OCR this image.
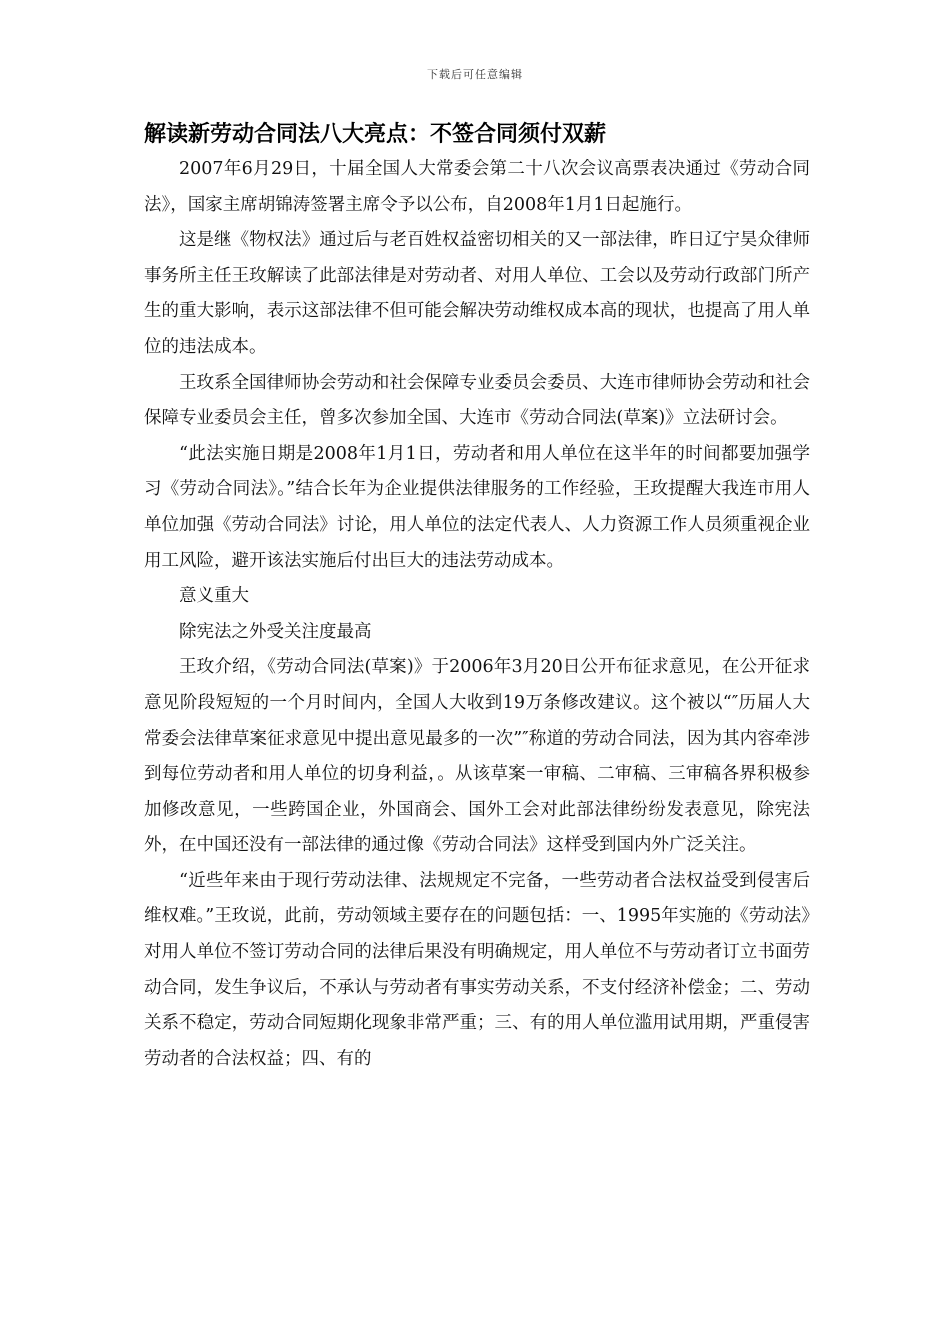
下载后可任意编辑
解读新劳动合同法八大亮点：不签合同须付双薪

2007年6月29日，十届全国人大常委会第二十八次会议高票表决通过《劳动合同法》，国家主席胡锦涛签署主席令予以公布，自2008年1月1日起施行。

这是继《物权法》通过后与老百姓权益密切相关的又一部法律，昨日辽宁昊众律师事务所主任王玫解读了此部法律是对劳动者、对用人单位、工会以及劳动行政部门所产生的重大影响，表示这部法律不但可能会解决劳动维权成本高的现状，也提高了用人单位的违法成本。

王玫系全国律师协会劳动和社会保障专业委员会委员、大连市律师协会劳动和社会保障专业委员会主任，曾多次参加全国、大连市《劳动合同法(草案)》立法研讨会。

“此法实施日期是2008年1月1日，劳动者和用人单位在这半年的时间都要加强学习《劳动合同法》。”结合长年为企业提供法律服务的工作经验，王玫提醒大我连市用人单位加强《劳动合同法》讨论，用人单位的法定代表人、人力资源工作人员须重视企业用工风险，避开该法实施后付出巨大的违法劳动成本。

意义重大

除宪法之外受关注度最高

王玫介绍，《劳动合同法(草案)》于2006年3月20日公开布征求意见，在公开征求意见阶段短短的一个月时间内，全国人大收到19万条修改建议。这个被以“″历届人大常委会法律草案征求意见中提出意见最多的一次”″称道的劳动合同法，因为其内容牵涉到每位劳动者和用人单位的切身利益，。从该草案一审稿、二审稿、三审稿各界积极参加修改意见，一些跨国企业，外国商会、国外工会对此部法律纷纷发表意见，除宪法外，在中国还没有一部法律的通过像《劳动合同法》这样受到国内外广泛关注。

“近些年来由于现行劳动法律、法规规定不完备，一些劳动者合法权益受到侵害后维权难。”王玫说，此前，劳动领域主要存在的问题包括：一、1995年实施的《劳动法》对用人单位不签订劳动合同的法律后果没有明确规定，用人单位不与劳动者订立书面劳动合同，发生争议后，不承认与劳动者有事实劳动关系，不支付经济补偿金；二、劳动关系不稳定，劳动合同短期化现象非常严重；三、有的用人单位滥用试用期，严重侵害劳动者的合法权益；四、有的
